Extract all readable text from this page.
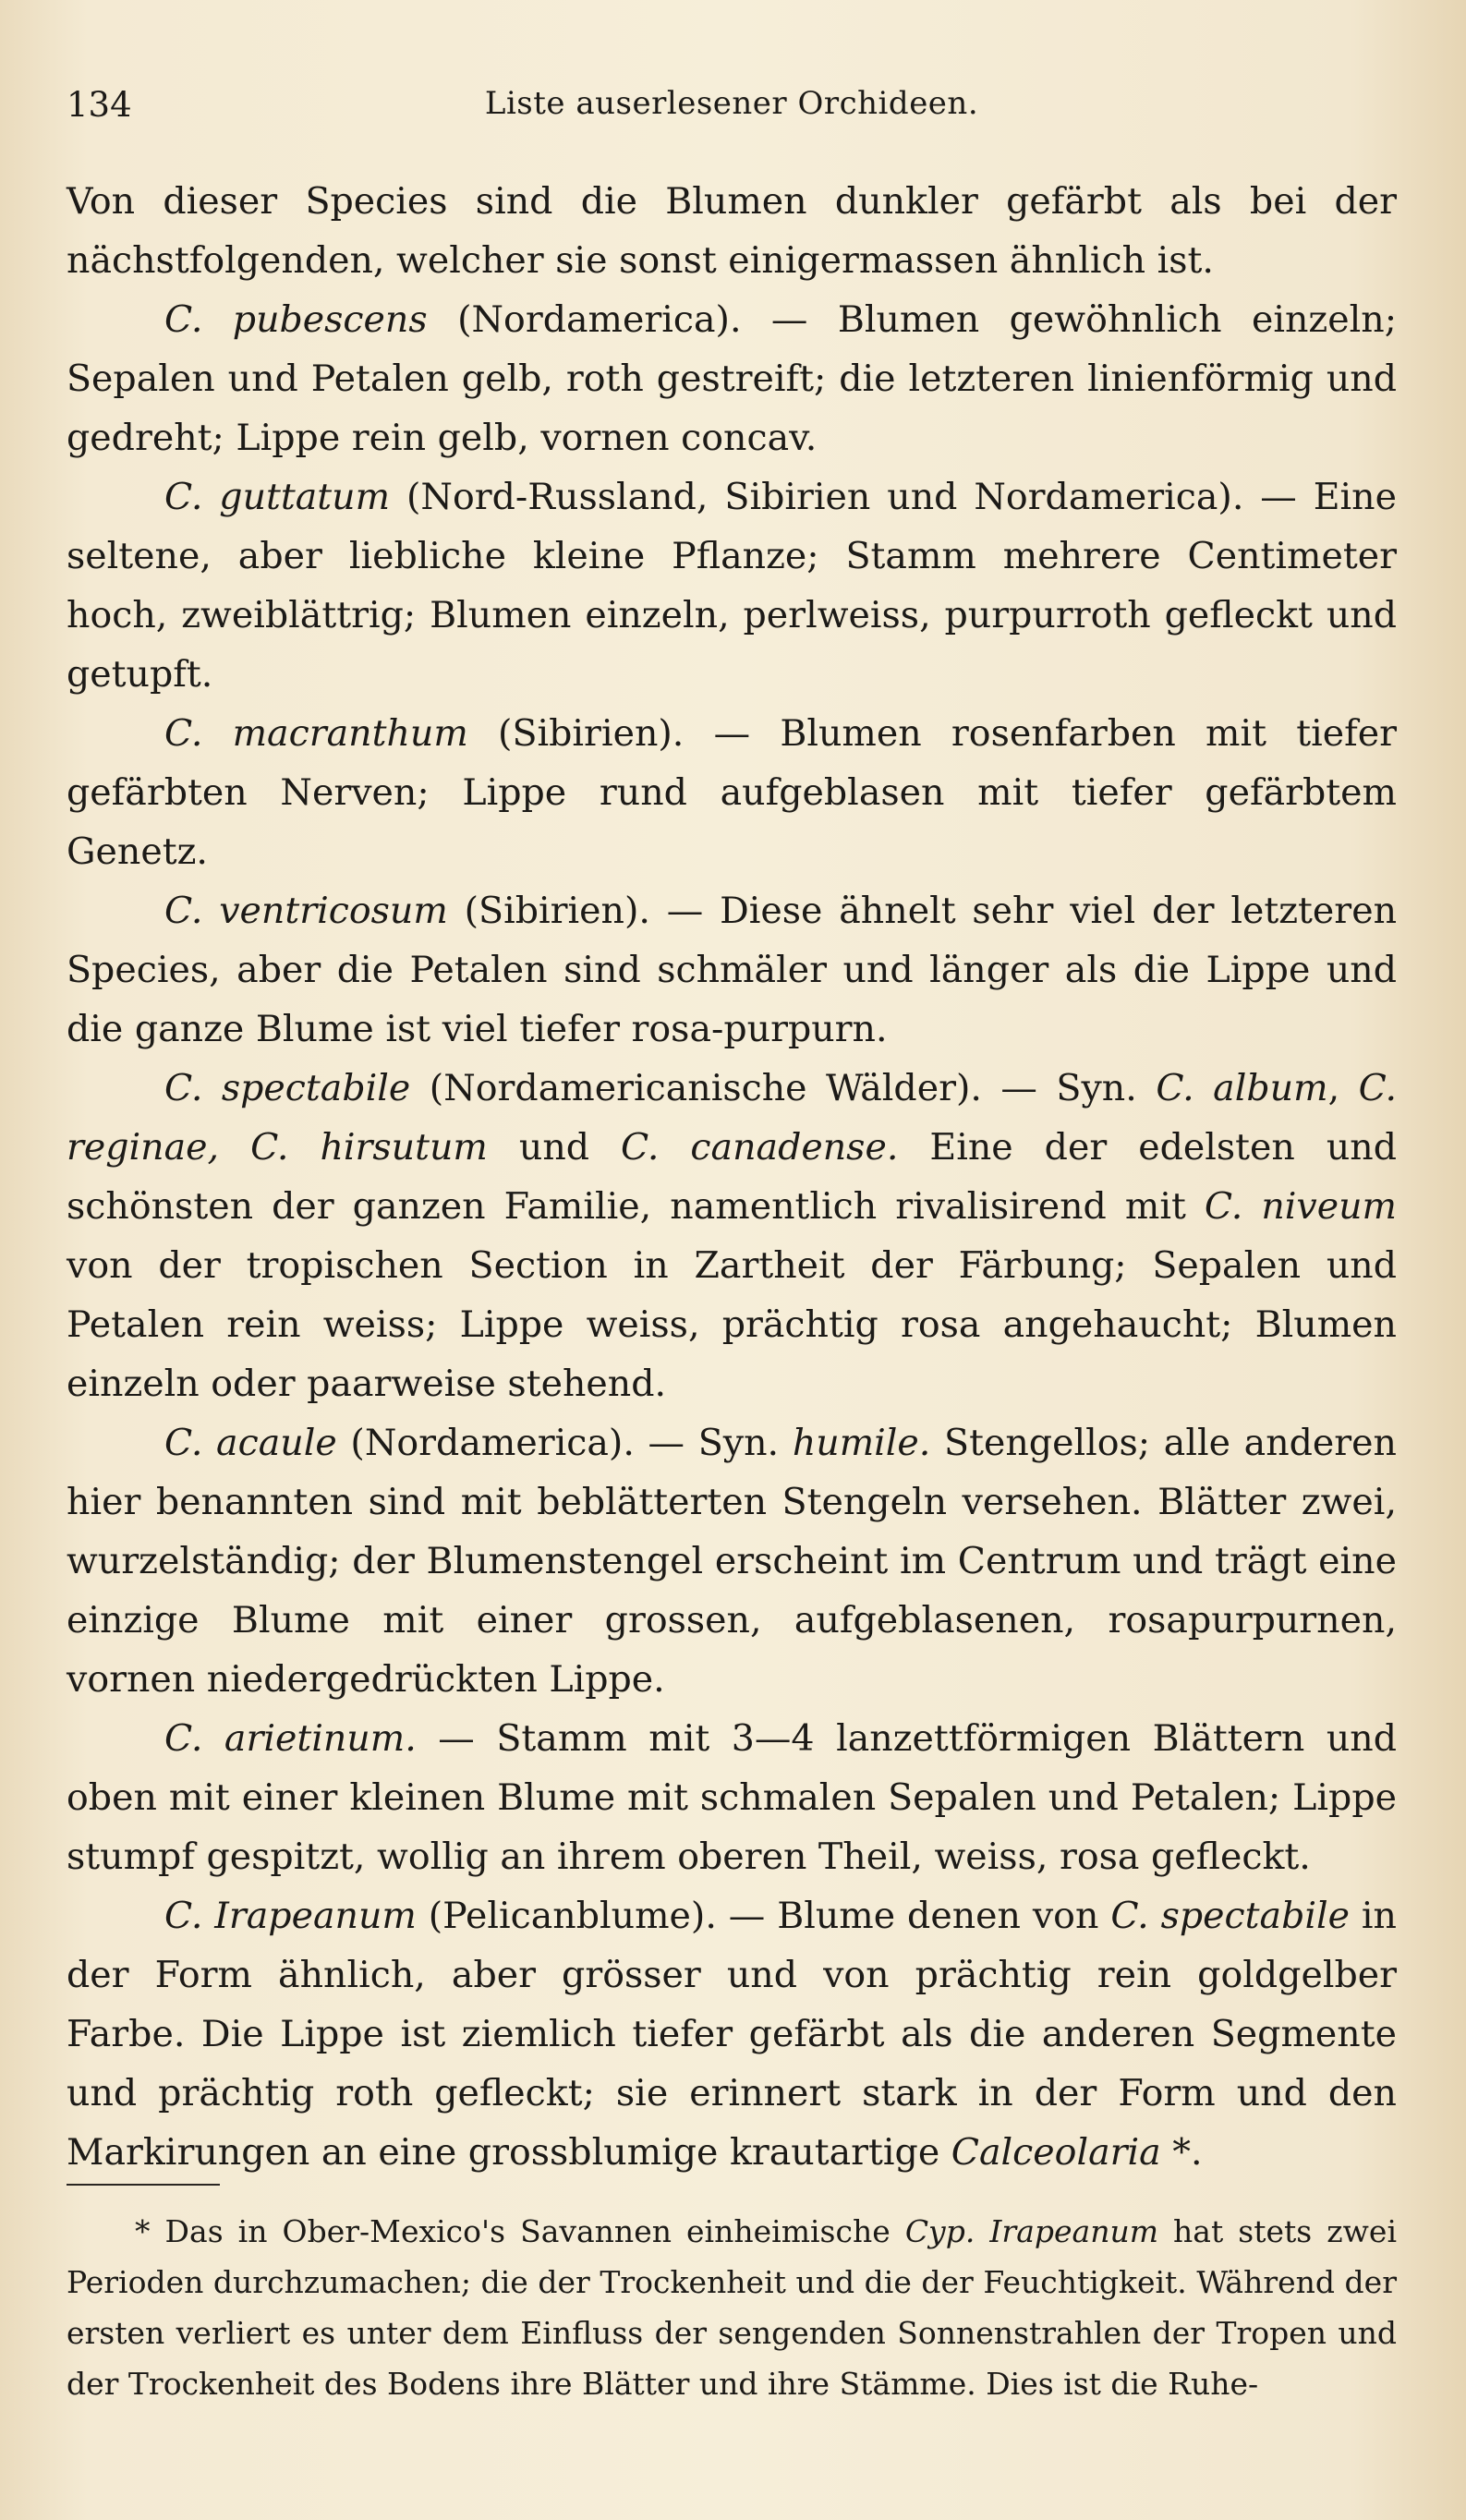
134	Liste auserlesener Orchideen.

Von dieser Species sind die Blumen dunkler gefärbt als bei der nächstfolgenden, welcher sie sonst einigermassen ähnlich ist.

C. pubescens (Nordamerica). — Blumen gewöhnlich einzeln; Sepalen und Petalen gelb, roth gestreift; die letzteren linienförmig und gedreht; Lippe rein gelb, vornen concav.

C. guttatum (Nord-Russland, Sibirien und Nordamerica). — Eine seltene, aber liebliche kleine Pflanze; Stamm mehrere Centimeter hoch, zweiblättrig; Blumen einzeln, perlweiss, purpurroth gefleckt und getupft.

C. macranthum (Sibirien). — Blumen rosenfarben mit tiefer gefärbten Nerven; Lippe rund aufgeblasen mit tiefer gefärbtem Genetz.

C. ventricosum (Sibirien). — Diese ähnelt sehr viel der letzteren Species, aber die Petalen sind schmäler und länger als die Lippe und die ganze Blume ist viel tiefer rosa-purpurn.

C. spectabile (Nordamericanische Wälder). — Syn. C. album, C. reginae, C. hirsutum und C. canadense. Eine der edelsten und schönsten der ganzen Familie, namentlich rivalisirend mit C. niveum von der tropischen Section in Zartheit der Färbung; Sepalen und Petalen rein weiss; Lippe weiss, prächtig rosa angehaucht; Blumen einzeln oder paarweise stehend.

C. acaule (Nordamerica). — Syn. humile. Stengellos; alle anderen hier benannten sind mit beblätterten Stengeln versehen. Blätter zwei, wurzelständig; der Blumenstengel erscheint im Centrum und trägt eine einzige Blume mit einer grossen, aufgeblasenen, rosapurpurnen, vornen niedergedrückten Lippe.

C. arietinum. — Stamm mit 3—4 lanzettförmigen Blättern und oben mit einer kleinen Blume mit schmalen Sepalen und Petalen; Lippe stumpf gespitzt, wollig an ihrem oberen Theil, weiss, rosa gefleckt.

C. Irapeanum (Pelicanblume). — Blume denen von C. spectabile in der Form ähnlich, aber grösser und von prächtig rein goldgelber Farbe. Die Lippe ist ziemlich tiefer gefärbt als die anderen Segmente und prächtig roth gefleckt; sie erinnert stark in der Form und den Markirungen an eine grossblumige krautartige Calceolaria *.

* Das in Ober-Mexico's Savannen einheimische Cyp. Irapeanum hat stets zwei Perioden durchzumachen; die der Trockenheit und die der Feuchtigkeit. Während der ersten verliert es unter dem Einfluss der sengenden Sonnenstrahlen der Tropen und der Trockenheit des Bodens ihre Blätter und ihre Stämme. Dies ist die Ruhe-
